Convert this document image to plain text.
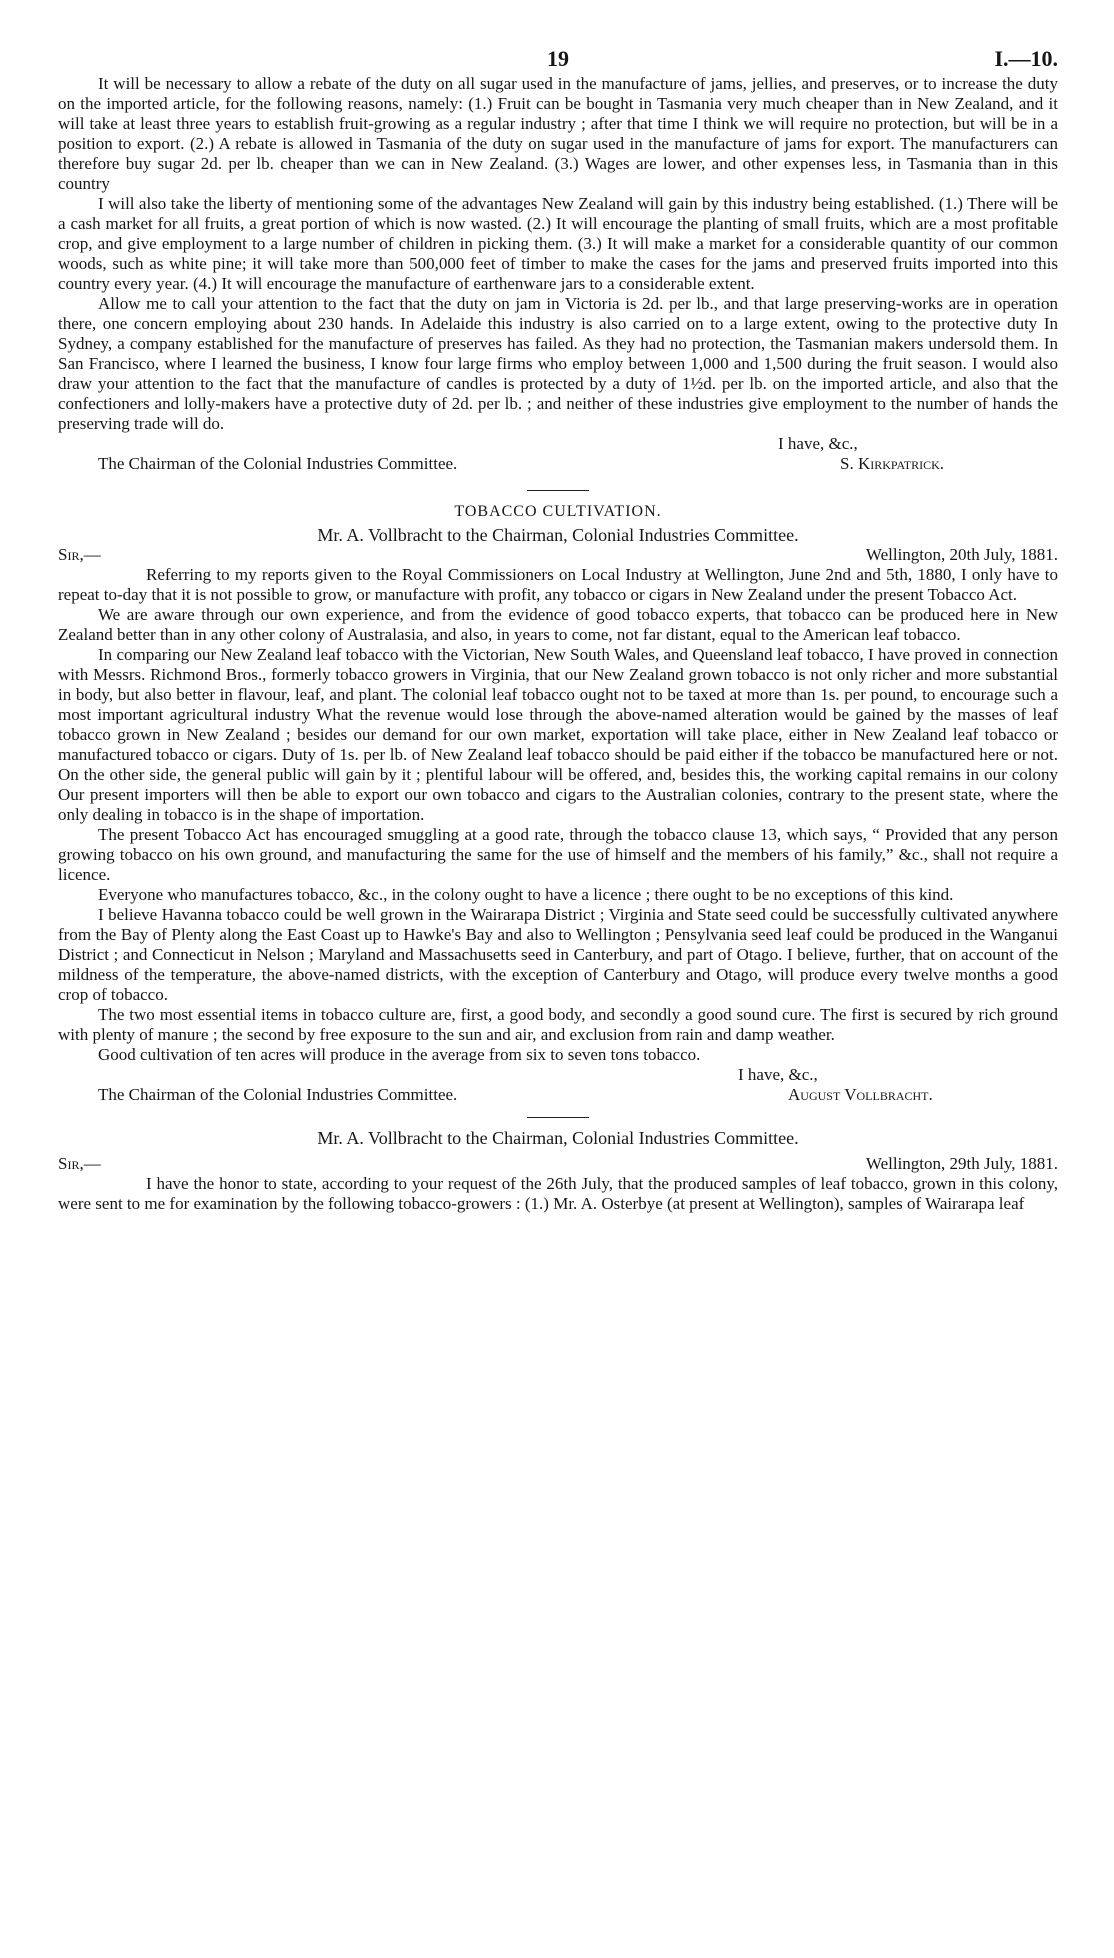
19	I.—10.

It will be necessary to allow a rebate of the duty on all sugar used in the manufacture of jams, jellies, and preserves, or to increase the duty on the imported article, for the following reasons, namely: (1.) Fruit can be bought in Tasmania very much cheaper than in New Zealand, and it will take at least three years to establish fruit-growing as a regular industry ; after that time I think we will require no protection, but will be in a position to export. (2.) A rebate is allowed in Tasmania of the duty on sugar used in the manufacture of jams for export. The manufacturers can therefore buy sugar 2d. per lb. cheaper than we can in New Zealand. (3.) Wages are lower, and other expenses less, in Tasmania than in this country

I will also take the liberty of mentioning some of the advantages New Zealand will gain by this industry being established. (1.) There will be a cash market for all fruits, a great portion of which is now wasted. (2.) It will encourage the planting of small fruits, which are a most profitable crop, and give employment to a large number of children in picking them. (3.) It will make a market for a considerable quantity of our common woods, such as white pine; it will take more than 500,000 feet of timber to make the cases for the jams and preserved fruits imported into this country every year. (4.) It will encourage the manufacture of earthenware jars to a considerable extent.

Allow me to call your attention to the fact that the duty on jam in Victoria is 2d. per lb., and that large preserving-works are in operation there, one concern employing about 230 hands. In Adelaide this industry is also carried on to a large extent, owing to the protective duty In Sydney, a company established for the manufacture of preserves has failed. As they had no protection, the Tasmanian makers undersold them. In San Francisco, where I learned the business, I know four large firms who employ between 1,000 and 1,500 during the fruit season. I would also draw your attention to the fact that the manufacture of candles is protected by a duty of 1½d. per lb. on the imported article, and also that the confectioners and lolly-makers have a protective duty of 2d. per lb. ; and neither of these industries give employment to the number of hands the preserving trade will do.

I have, &c.,
The Chairman of the Colonial Industries Committee.	S. Kirkpatrick.
TOBACCO CULTIVATION.
Mr. A. Vollbracht to the Chairman, Colonial Industries Committee.
Sir,—	Wellington, 20th July, 1881.

Referring to my reports given to the Royal Commissioners on Local Industry at Wellington, June 2nd and 5th, 1880, I only have to repeat to-day that it is not possible to grow, or manufacture with profit, any tobacco or cigars in New Zealand under the present Tobacco Act.

We are aware through our own experience, and from the evidence of good tobacco experts, that tobacco can be produced here in New Zealand better than in any other colony of Australasia, and also, in years to come, not far distant, equal to the American leaf tobacco.

In comparing our New Zealand leaf tobacco with the Victorian, New South Wales, and Queensland leaf tobacco, I have proved in connection with Messrs. Richmond Bros., formerly tobacco growers in Virginia, that our New Zealand grown tobacco is not only richer and more substantial in body, but also better in flavour, leaf, and plant. The colonial leaf tobacco ought not to be taxed at more than 1s. per pound, to encourage such a most important agricultural industry What the revenue would lose through the above-named alteration would be gained by the masses of leaf tobacco grown in New Zealand ; besides our demand for our own market, exportation will take place, either in New Zealand leaf tobacco or manufactured tobacco or cigars. Duty of 1s. per lb. of New Zealand leaf tobacco should be paid either if the tobacco be manufactured here or not. On the other side, the general public will gain by it ; plentiful labour will be offered, and, besides this, the working capital remains in our colony Our present importers will then be able to export our own tobacco and cigars to the Australian colonies, contrary to the present state, where the only dealing in tobacco is in the shape of importation.

The present Tobacco Act has encouraged smuggling at a good rate, through the tobacco clause 13, which says, “ Provided that any person growing tobacco on his own ground, and manufacturing the same for the use of himself and the members of his family,” &c., shall not require a licence.

Everyone who manufactures tobacco, &c., in the colony ought to have a licence ; there ought to be no exceptions of this kind.

I believe Havanna tobacco could be well grown in the Wairarapa District ; Virginia and State seed could be successfully cultivated anywhere from the Bay of Plenty along the East Coast up to Hawke's Bay and also to Wellington ; Pensylvania seed leaf could be produced in the Wanganui District ; and Connecticut in Nelson ; Maryland and Massachusetts seed in Canterbury, and part of Otago. I believe, further, that on account of the mildness of the temperature, the above-named districts, with the exception of Canterbury and Otago, will produce every twelve months a good crop of tobacco.

The two most essential items in tobacco culture are, first, a good body, and secondly a good sound cure. The first is secured by rich ground with plenty of manure ; the second by free exposure to the sun and air, and exclusion from rain and damp weather.

Good cultivation of ten acres will produce in the average from six to seven tons tobacco.

I have, &c.,
The Chairman of the Colonial Industries Committee.	August Vollbracht.
Mr. A. Vollbracht to the Chairman, Colonial Industries Committee.
Sir,—	Wellington, 29th July, 1881.

I have the honor to state, according to your request of the 26th July, that the produced samples of leaf tobacco, grown in this colony, were sent to me for examination by the following tobacco-growers : (1.) Mr. A. Osterbye (at present at Wellington), samples of Wairarapa leaf
